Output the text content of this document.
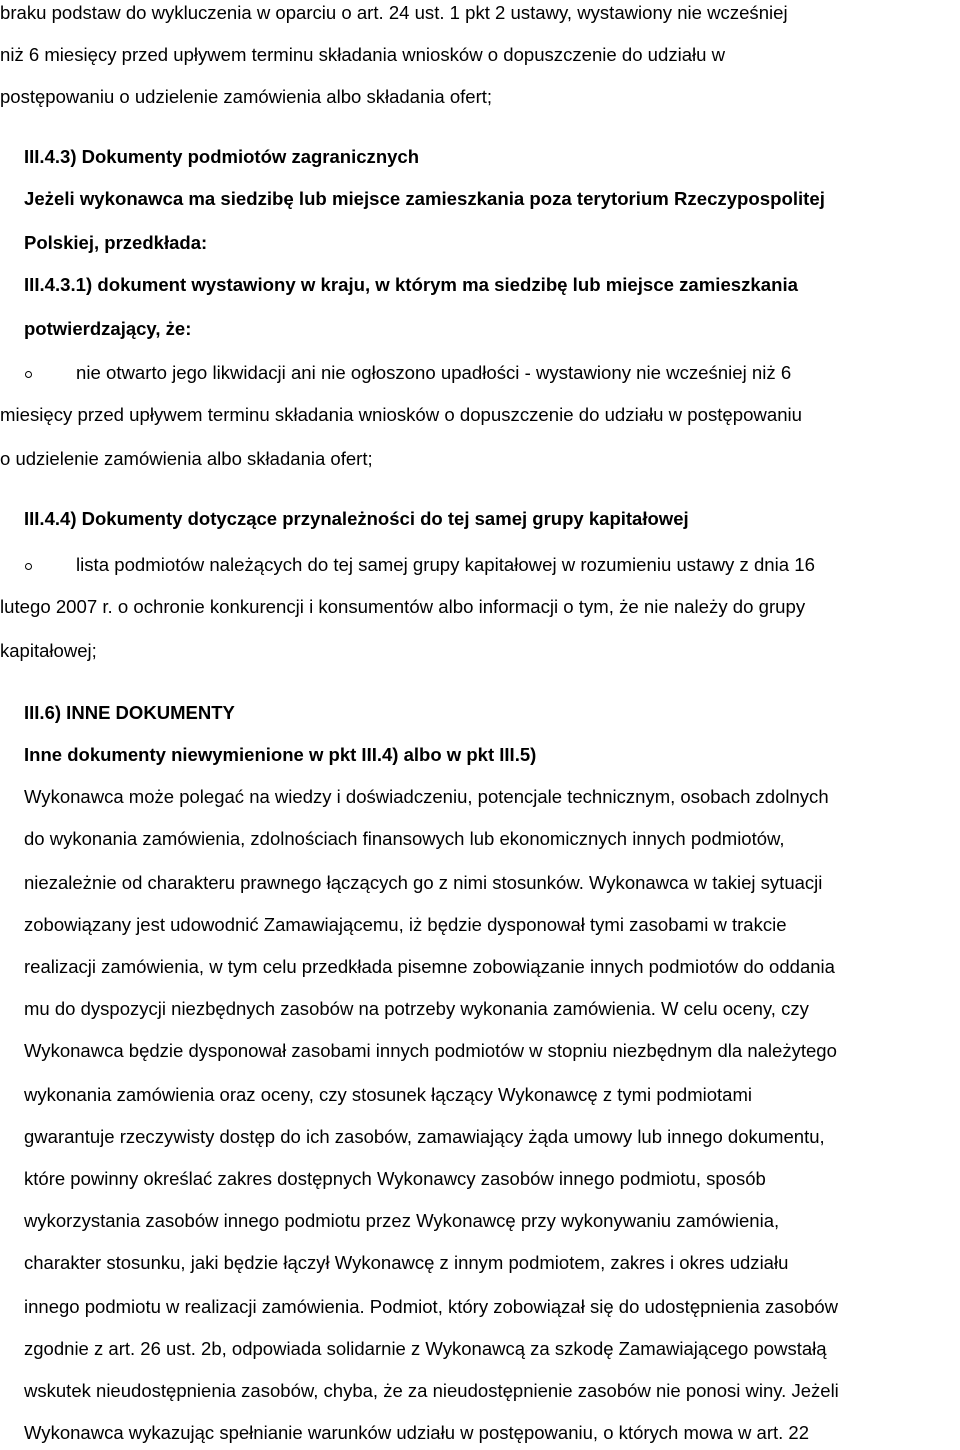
braku podstaw do wykluczenia w oparciu o art. 24 ust. 1 pkt 2 ustawy, wystawiony nie wcześniej
niż 6 miesięcy przed upływem terminu składania wniosków o dopuszczenie do udziału w
postępowaniu o udzielenie zamówienia albo składania ofert;
III.4.3) Dokumenty podmiotów zagranicznych
Jeżeli wykonawca ma siedzibę lub miejsce zamieszkania poza terytorium Rzeczypospolitej
Polskiej, przedkłada:
III.4.3.1) dokument wystawiony w kraju, w którym ma siedzibę lub miejsce zamieszkania
potwierdzający, że:
nie otwarto jego likwidacji ani nie ogłoszono upadłości - wystawiony nie wcześniej niż 6
miesięcy przed upływem terminu składania wniosków o dopuszczenie do udziału w postępowaniu
o udzielenie zamówienia albo składania ofert;
III.4.4) Dokumenty dotyczące przynależności do tej samej grupy kapitałowej
lista podmiotów należących do tej samej grupy kapitałowej w rozumieniu ustawy z dnia 16
lutego 2007 r. o ochronie konkurencji i konsumentów albo informacji o tym, że nie należy do grupy
kapitałowej;
III.6) INNE DOKUMENTY
Inne dokumenty niewymienione w pkt III.4) albo w pkt III.5)
Wykonawca może polegać na wiedzy i doświadczeniu, potencjale technicznym, osobach zdolnych
do wykonania zamówienia, zdolnościach finansowych lub ekonomicznych innych podmiotów,
niezależnie od charakteru prawnego łączących go z nimi stosunków. Wykonawca w takiej sytuacji
zobowiązany jest udowodnić Zamawiającemu, iż będzie dysponował tymi zasobami w trakcie
realizacji zamówienia, w tym celu przedkłada pisemne zobowiązanie innych podmiotów do oddania
mu do dyspozycji niezbędnych zasobów na potrzeby wykonania zamówienia. W celu oceny, czy
Wykonawca będzie dysponował zasobami innych podmiotów w stopniu niezbędnym dla należytego
wykonania zamówienia oraz oceny, czy stosunek łączący Wykonawcę z tymi podmiotami
gwarantuje rzeczywisty dostęp do ich zasobów, zamawiający żąda umowy lub innego dokumentu,
które powinny określać zakres dostępnych Wykonawcy zasobów innego podmiotu, sposób
wykorzystania zasobów innego podmiotu przez Wykonawcę przy wykonywaniu zamówienia,
charakter stosunku, jaki będzie łączył Wykonawcę z innym podmiotem, zakres i okres udziału
innego podmiotu w realizacji zamówienia. Podmiot, który zobowiązał się do udostępnienia zasobów
zgodnie z art. 26 ust. 2b, odpowiada solidarnie z Wykonawcą za szkodę Zamawiającego powstałą
wskutek nieudostępnienia zasobów, chyba, że za nieudostępnienie zasobów nie ponosi winy. Jeżeli
Wykonawca wykazując spełnianie warunków udziału w postępowaniu, o których mowa w art. 22
